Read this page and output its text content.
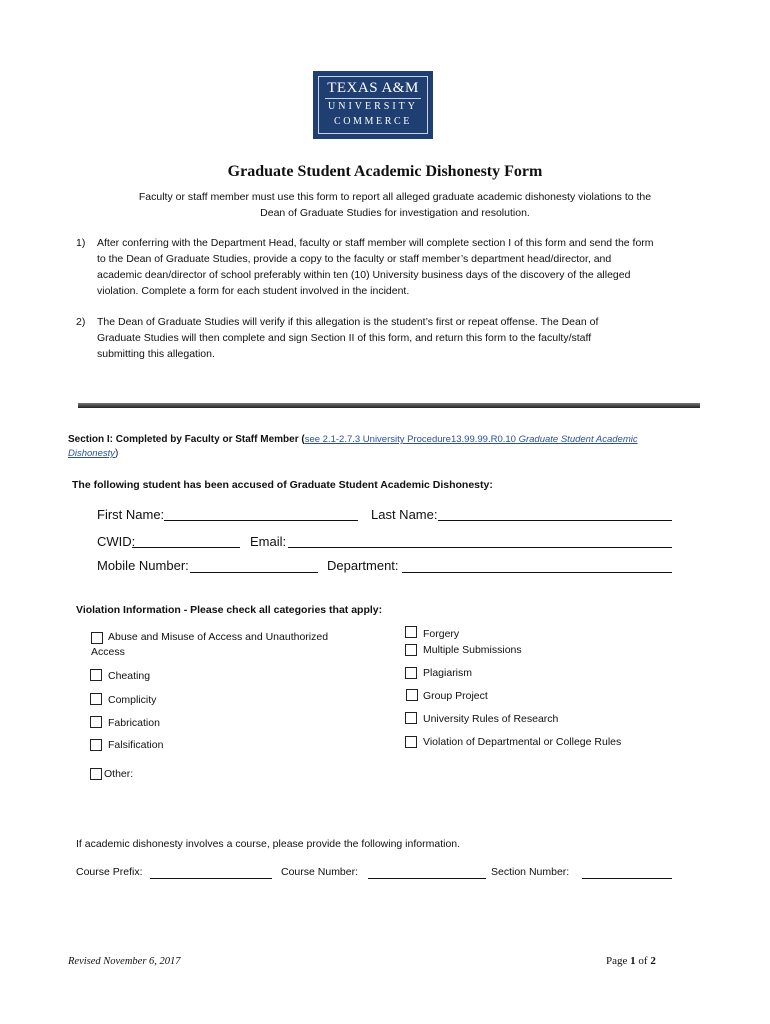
TEXAS A&M
UNIVERSITY
COMMERCE
Graduate Student Academic Dishonesty Form
Faculty or staff member must use this form to report all alleged graduate academic dishonesty violations to the
Dean of Graduate Studies for investigation and resolution.
1) After conferring with the Department Head, faculty or staff member will complete section I of this form and send the form
to the Dean of Graduate Studies, provide a copy to the faculty or staff member’s department head/director, and
academic dean/director of school preferably within ten (10) University business days of the discovery of the alleged
violation. Complete a form for each student involved in the incident.
2) The Dean of Graduate Studies will verify if this allegation is the student’s first or repeat offense. The Dean of
Graduate Studies will then complete and sign Section II of this form, and return this form to the faculty/staff
submitting this allegation.
Section I: Completed by Faculty or Staff Member (see 2.1-2.7.3 University Procedure13.99.99.R0.10 Graduate Student Academic
Dishonesty)
The following student has been accused of Graduate Student Academic Dishonesty:
First Name:	Last Name:
CWID:	Email:
Mobile Number:	Department:
Violation Information - Please check all categories that apply:
Abuse and Misuse of Access and Unauthorized
Access
Cheating
Complicity
Fabrication
Falsification
Other:
Forgery
Multiple Submissions
Plagiarism
Group Project
University Rules of Research
Violation of Departmental or College Rules
If academic dishonesty involves a course, please provide the following information.
Course Prefix:	Course Number:	Section Number:
Revised November 6, 2017	Page 1 of 2
